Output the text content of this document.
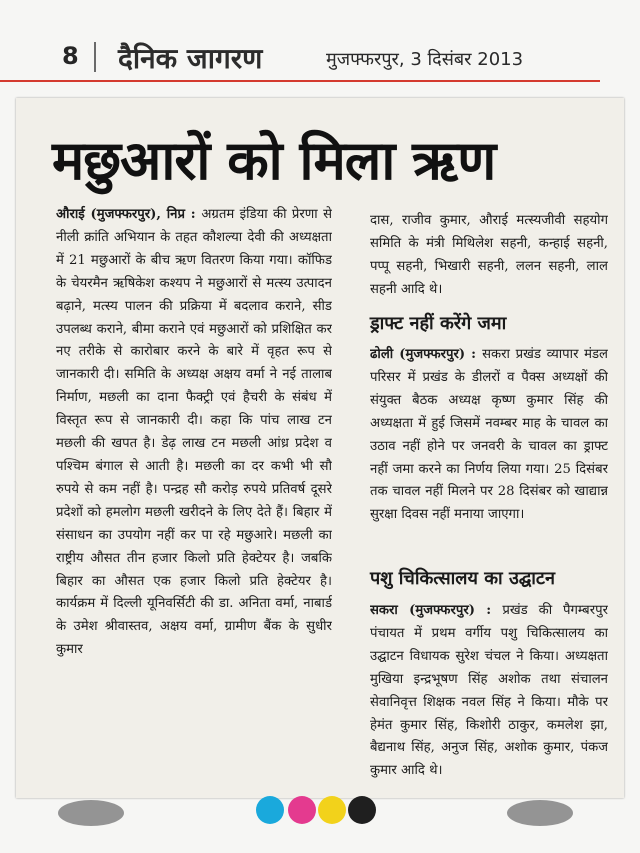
8 दैनिक जागरण	मुजफ्फरपुर, 3 दिसंबर 2013
मछुआरों को मिला ऋण
औराई (मुजफ्फरपुर), निप्र : अग्रतम इंडिया की प्रेरणा से नीली क्रांति अभियान के तहत कौशल्या देवी की अध्यक्षता में 21 मछुआरों के बीच ऋण वितरण किया गया। कॉफिड के चेयरमैन ऋषिकेश कश्यप ने मछुआरों से मत्स्य उत्पादन बढ़ाने, मत्स्य पालन की प्रक्रिया में बदलाव कराने, सीड उपलब्ध कराने, बीमा कराने एवं मछुआरों को प्रशिक्षित कर नए तरीके से कारोबार करने के बारे में वृहत रूप से जानकारी दी। समिति के अध्यक्ष अक्षय वर्मा ने नई तालाब निर्माण, मछली का दाना फैक्ट्री एवं हैचरी के संबंध में विस्तृत रूप से जानकारी दी। कहा कि पांच लाख टन मछली की खपत है। डेढ़ लाख टन मछली आंध्र प्रदेश व पश्चिम बंगाल से आती है। मछली का दर कभी भी सौ रुपये से कम नहीं है। पन्द्रह सौ करोड़ रुपये प्रतिवर्ष दूसरे प्रदेशों को हमलोग मछली खरीदने के लिए देते हैं। बिहार में संसाधन का उपयोग नहीं कर पा रहे मछुआरे। मछली का राष्ट्रीय औसत तीन हजार किलो प्रति हेक्टेयर है। जबकि बिहार का औसत एक हजार किलो प्रति हेक्टेयर है। कार्यक्रम में दिल्ली यूनिवर्सिटी की डा. अनिता वर्मा, नाबार्ड के उमेश श्रीवास्तव, अक्षय वर्मा, ग्रामीण बैंक के सुधीर कुमार
दास, राजीव कुमार, औराई मत्स्यजीवी सहयोग समिति के मंत्री मिथिलेश सहनी, कन्हाई सहनी, पप्पू सहनी, भिखारी सहनी, ललन सहनी, लाल सहनी आदि थे।
ड्राफ्ट नहीं करेंगे जमा
ढोली (मुजफ्फरपुर) : सकरा प्रखंड व्यापार मंडल परिसर में प्रखंड के डीलरों व पैक्स अध्यक्षों की संयुक्त बैठक अध्यक्ष कृष्ण कुमार सिंह की अध्यक्षता में हुई जिसमें नवम्बर माह के चावल का उठाव नहीं होने पर जनवरी के चावल का ड्राफ्ट नहीं जमा करने का निर्णय लिया गया। 25 दिसंबर तक चावल नहीं मिलने पर 28 दिसंबर को खाद्यान्न सुरक्षा दिवस नहीं मनाया जाएगा।
पशु चिकित्सालय का उद्घाटन
सकरा (मुजफ्फरपुर) : प्रखंड की पैगम्बरपुर पंचायत में प्रथम वर्गीय पशु चिकित्सालय का उद्घाटन विधायक सुरेश चंचल ने किया। अध्यक्षता मुखिया इन्द्रभूषण सिंह अशोक तथा संचालन सेवानिवृत्त शिक्षक नवल सिंह ने किया। मौके पर हेमंत कुमार सिंह, किशोरी ठाकुर, कमलेश झा, बैद्यनाथ सिंह, अनुज सिंह, अशोक कुमार, पंकज कुमार आदि थे।
